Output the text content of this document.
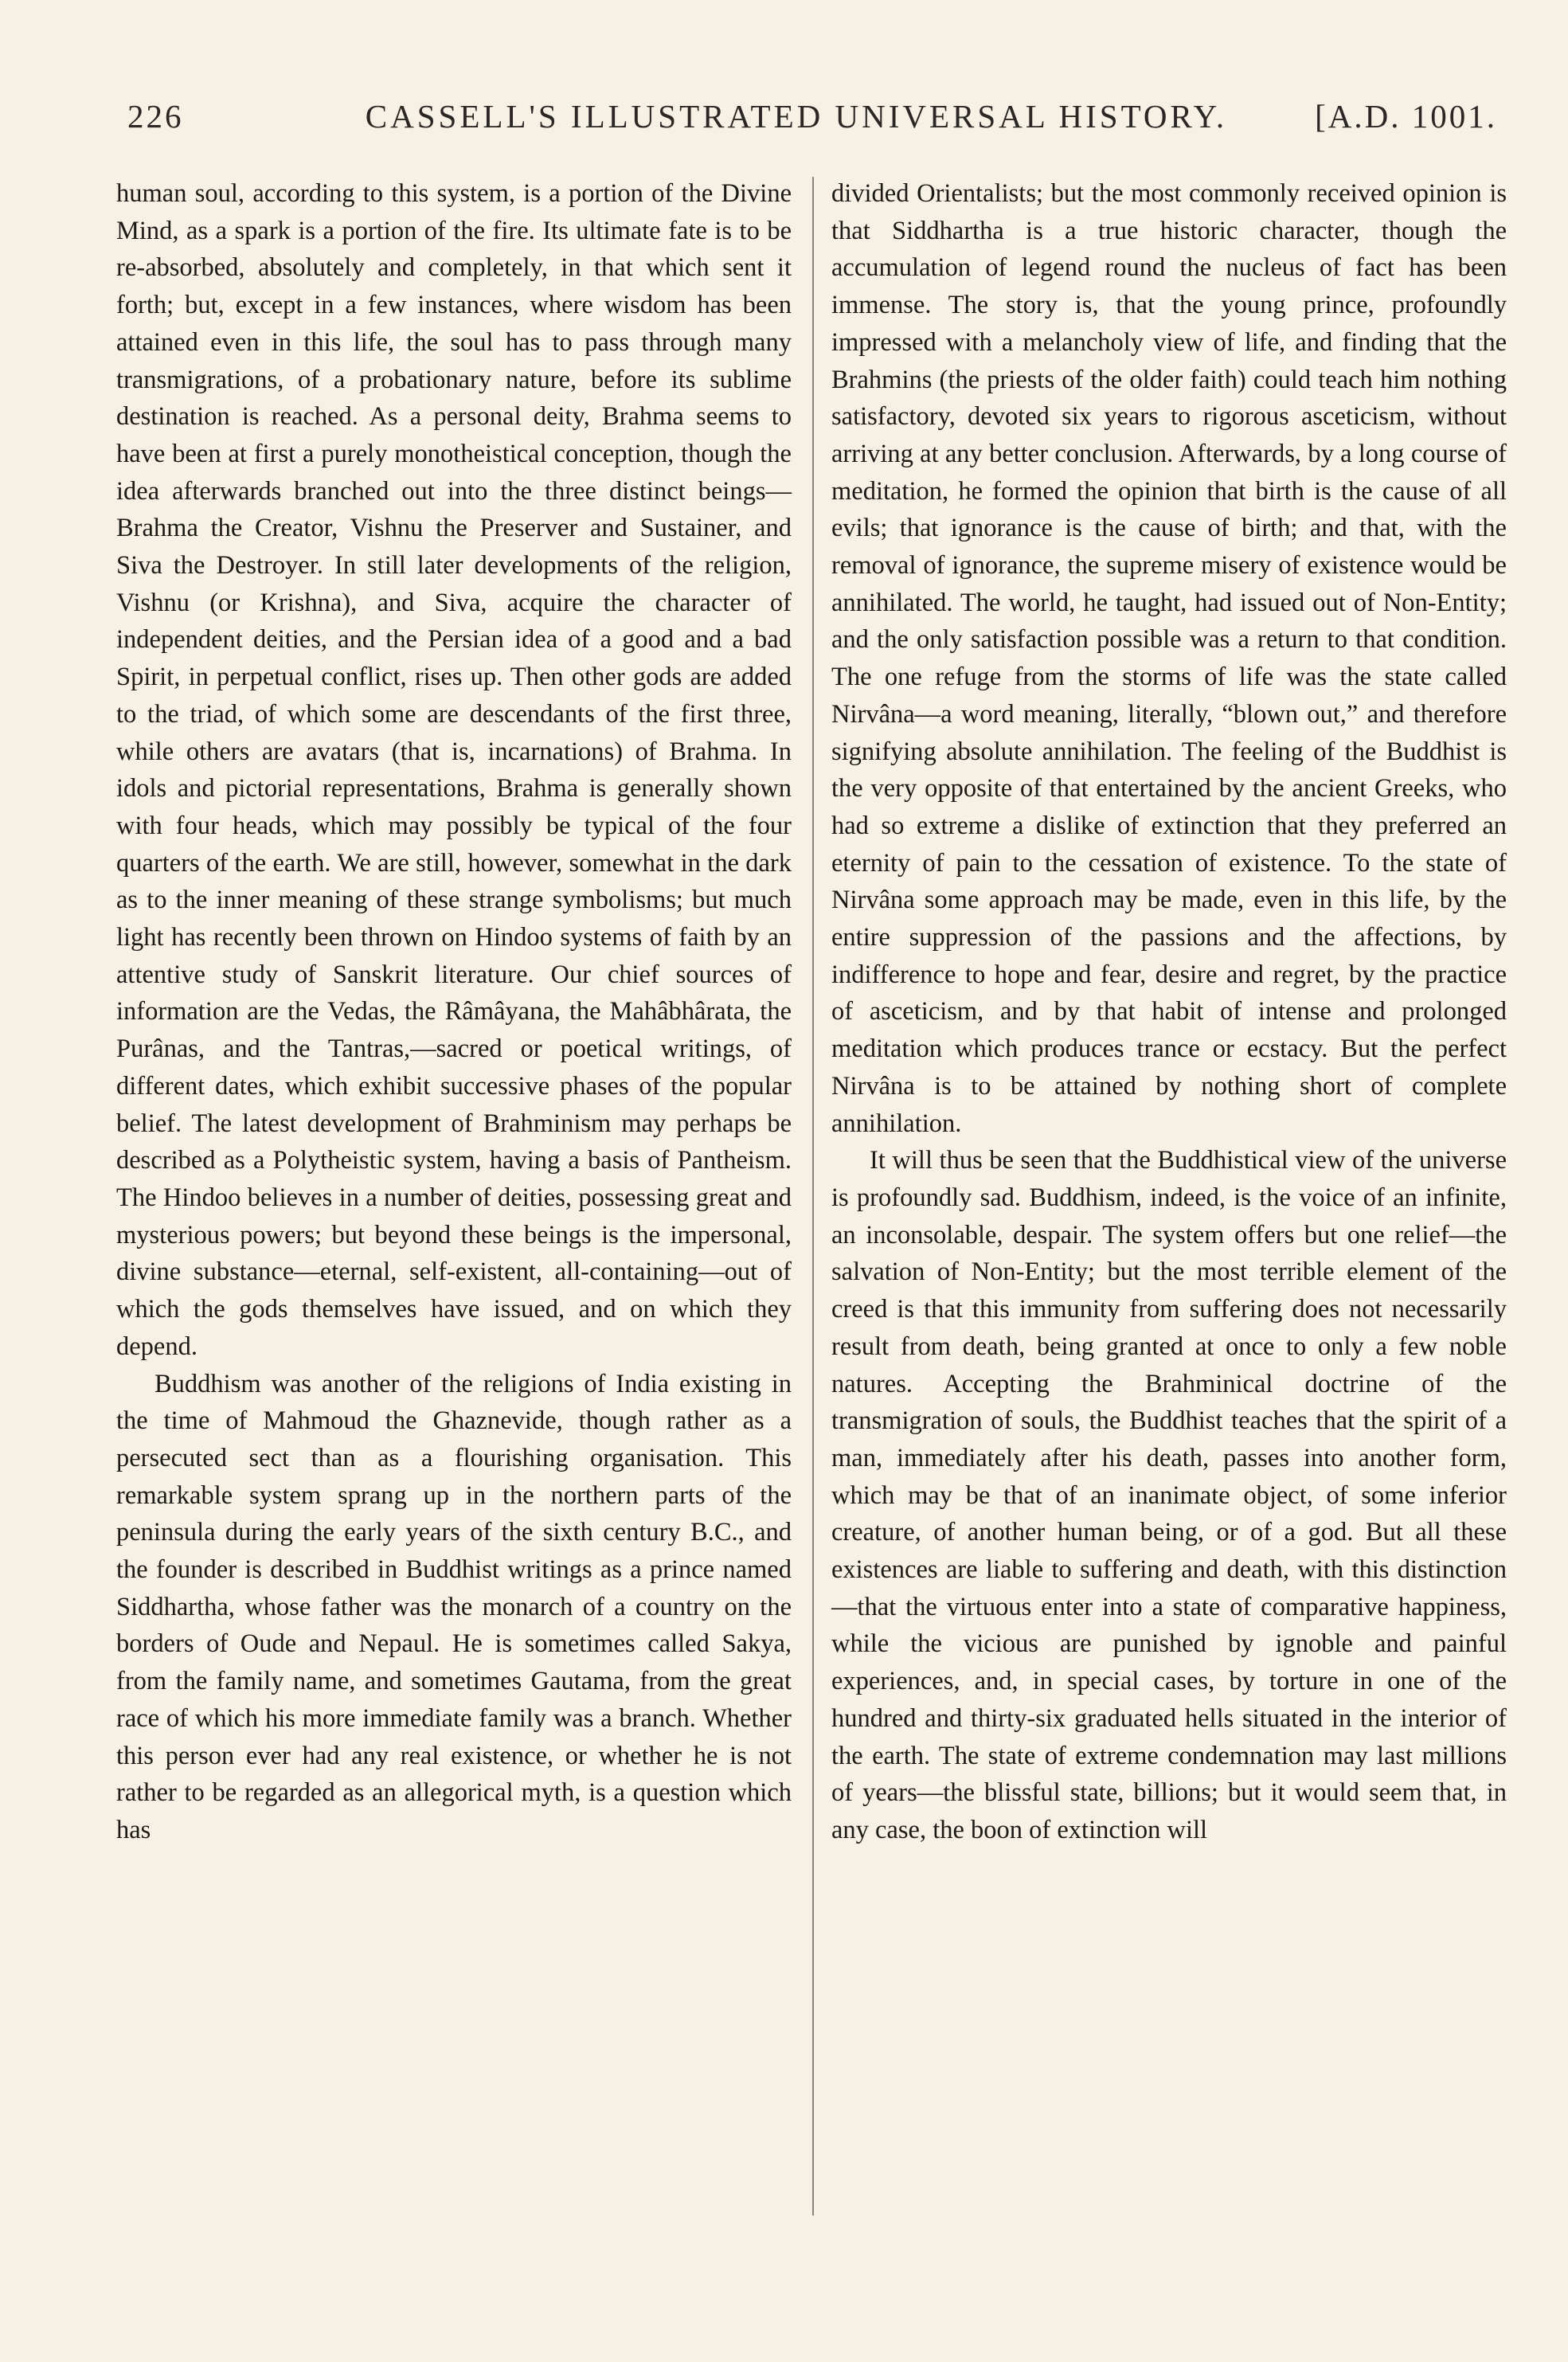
226	CASSELL'S ILLUSTRATED UNIVERSAL HISTORY.	[A.D. 1001.

human soul, according to this system, is a portion of the Divine Mind, as a spark is a portion of the fire. Its ultimate fate is to be re-absorbed, absolutely and completely, in that which sent it forth; but, except in a few instances, where wisdom has been attained even in this life, the soul has to pass through many transmigrations, of a probationary nature, before its sublime destination is reached. As a personal deity, Brahma seems to have been at first a purely monotheistical conception, though the idea afterwards branched out into the three distinct beings—Brahma the Creator, Vishnu the Preserver and Sustainer, and Siva the Destroyer. In still later developments of the religion, Vishnu (or Krishna), and Siva, acquire the character of independent deities, and the Persian idea of a good and a bad Spirit, in perpetual conflict, rises up. Then other gods are added to the triad, of which some are descendants of the first three, while others are avatars (that is, incarnations) of Brahma. In idols and pictorial representations, Brahma is generally shown with four heads, which may possibly be typical of the four quarters of the earth. We are still, however, somewhat in the dark as to the inner meaning of these strange symbolisms; but much light has recently been thrown on Hindoo systems of faith by an attentive study of Sanskrit literature. Our chief sources of information are the Vedas, the Râmâyana, the Mahâbhârata, the Purânas, and the Tantras,—sacred or poetical writings, of different dates, which exhibit successive phases of the popular belief. The latest development of Brahminism may perhaps be described as a Polytheistic system, having a basis of Pantheism. The Hindoo believes in a number of deities, possessing great and mysterious powers; but beyond these beings is the impersonal, divine substance—eternal, self-existent, all-containing—out of which the gods themselves have issued, and on which they depend.

Buddhism was another of the religions of India existing in the time of Mahmoud the Ghaznevide, though rather as a persecuted sect than as a flourishing organisation. This remarkable system sprang up in the northern parts of the peninsula during the early years of the sixth century B.C., and the founder is described in Buddhist writings as a prince named Siddhartha, whose father was the monarch of a country on the borders of Oude and Nepaul. He is sometimes called Sakya, from the family name, and sometimes Gautama, from the great race of which his more immediate family was a branch. Whether this person ever had any real existence, or whether he is not rather to be regarded as an allegorical myth, is a question which has

divided Orientalists; but the most commonly received opinion is that Siddhartha is a true historic character, though the accumulation of legend round the nucleus of fact has been immense. The story is, that the young prince, profoundly impressed with a melancholy view of life, and finding that the Brahmins (the priests of the older faith) could teach him nothing satisfactory, devoted six years to rigorous asceticism, without arriving at any better conclusion. Afterwards, by a long course of meditation, he formed the opinion that birth is the cause of all evils; that ignorance is the cause of birth; and that, with the removal of ignorance, the supreme misery of existence would be annihilated. The world, he taught, had issued out of Non-Entity; and the only satisfaction possible was a return to that condition. The one refuge from the storms of life was the state called Nirvâna—a word meaning, literally, “blown out,” and therefore signifying absolute annihilation. The feeling of the Buddhist is the very opposite of that entertained by the ancient Greeks, who had so extreme a dislike of extinction that they preferred an eternity of pain to the cessation of existence. To the state of Nirvâna some approach may be made, even in this life, by the entire suppression of the passions and the affections, by indifference to hope and fear, desire and regret, by the practice of asceticism, and by that habit of intense and prolonged meditation which produces trance or ecstacy. But the perfect Nirvâna is to be attained by nothing short of complete annihilation.

It will thus be seen that the Buddhistical view of the universe is profoundly sad. Buddhism, indeed, is the voice of an infinite, an inconsolable, despair. The system offers but one relief—the salvation of Non-Entity; but the most terrible element of the creed is that this immunity from suffering does not necessarily result from death, being granted at once to only a few noble natures. Accepting the Brahminical doctrine of the transmigration of souls, the Buddhist teaches that the spirit of a man, immediately after his death, passes into another form, which may be that of an inanimate object, of some inferior creature, of another human being, or of a god. But all these existences are liable to suffering and death, with this distinction—that the virtuous enter into a state of comparative happiness, while the vicious are punished by ignoble and painful experiences, and, in special cases, by torture in one of the hundred and thirty-six graduated hells situated in the interior of the earth. The state of extreme condemnation may last millions of years—the blissful state, billions; but it would seem that, in any case, the boon of extinction will
